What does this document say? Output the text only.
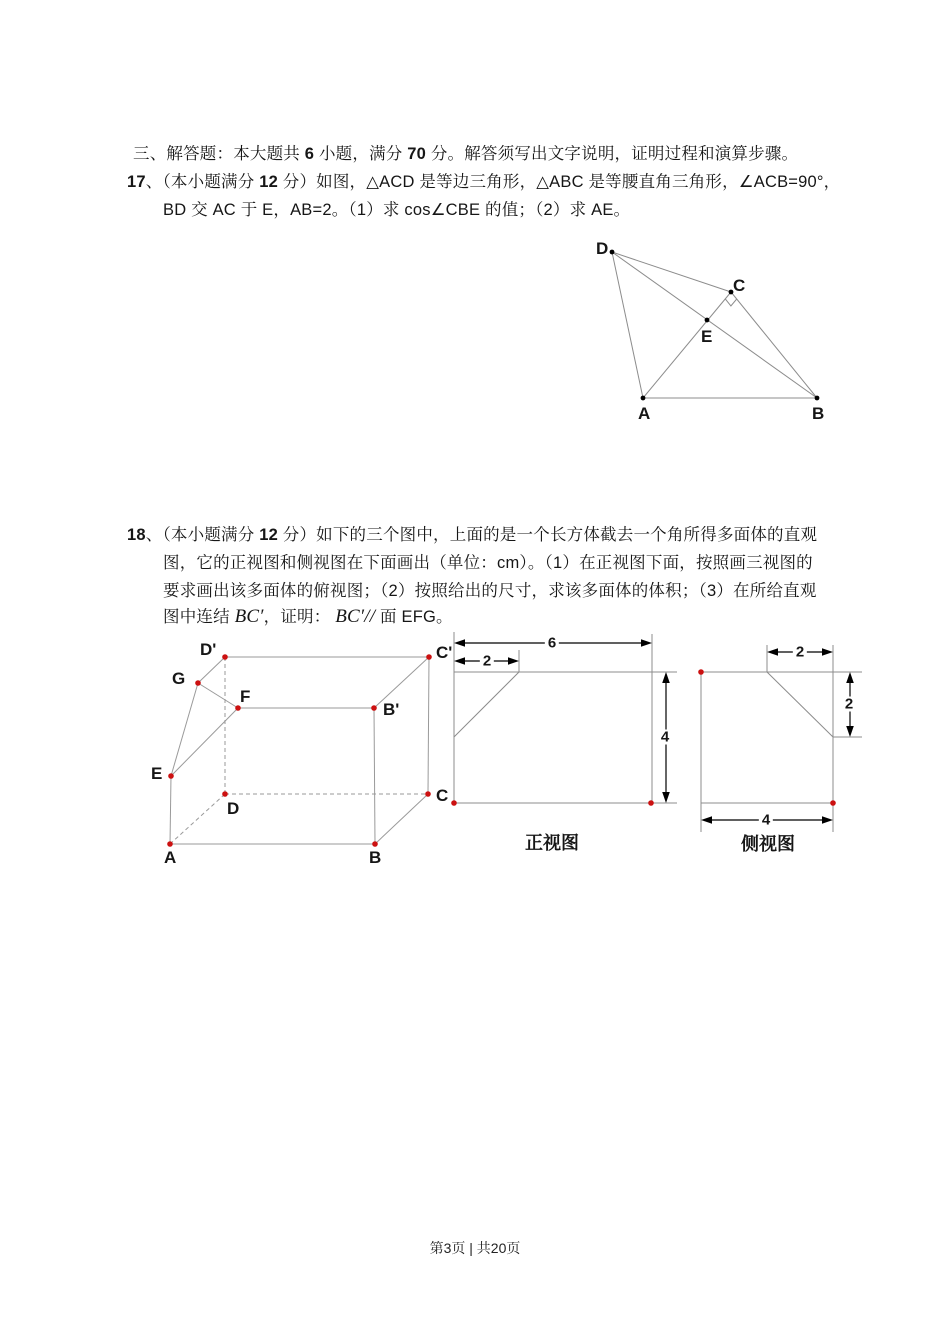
三、解答题：本大题共 6 小题，满分 70 分。解答须写出文字说明，证明过程和演算步骤。
17、（本小题满分 12 分）如图，△ACD 是等边三角形，△ABC 是等腰直角三角形，∠ACB=90°，
BD 交 AC 于 E，AB=2。（1）求 cos∠CBE 的值；（2）求 AE。
D
C
E
A	B
18、（本小题满分 12 分）如下的三个图中，上面的是一个长方体截去一个角所得多面体的直观
图，它的正视图和侧视图在下面画出（单位：cm）。（1）在正视图下面，按照画三视图的
要求画出该多面体的俯视图；（2）按照给出的尺寸，求该多面体的体积；（3）在所给直观
图中连结 BC′，证明： BC′// 面 EFG。
D'	C'
G
F
B'
E
D
C
A	B
6
2
4
正视图
2
2
4
侧视图
第3页 | 共20页
